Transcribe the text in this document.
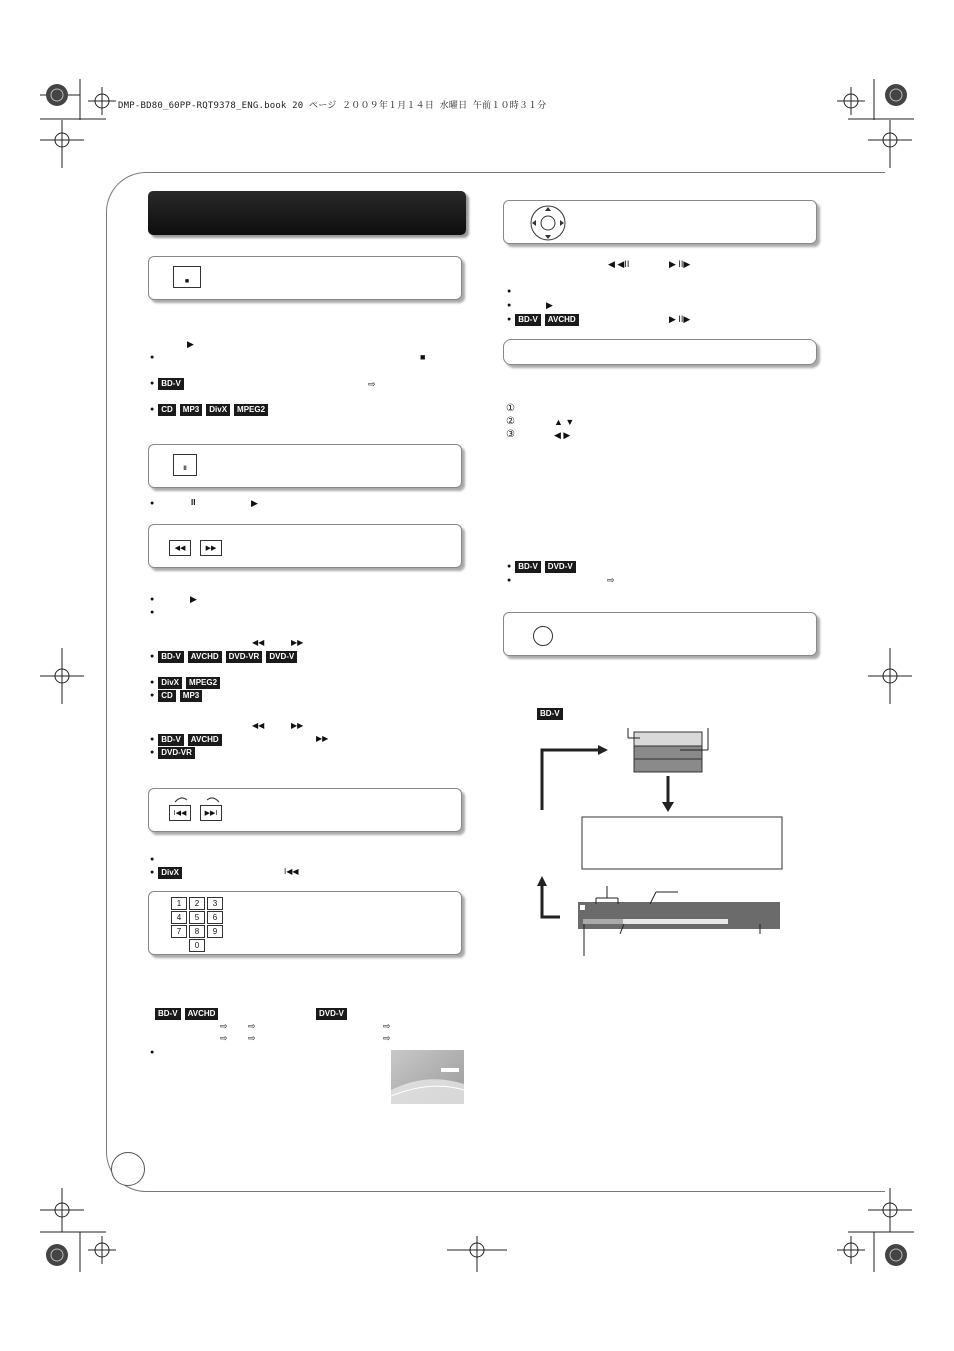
DMP-BD80_60PP-RQT9378_ENG.book 20 ページ ２００９年１月１４日 水曜日 午前１０時３１分
■
▶
●	■
● BD-V	⇨
● CD	MP3	DivX	MPEG2
II
●	II	▶
◀◀	▶▶
●	▶
●
◀◀	▶▶
● BD-V	AVCHD	DVD-VR	DVD-V
● DivX	MPEG2
● CD	MP3
◀◀	▶▶
● BD-V	AVCHD	▶▶
● DVD-VR
I◀◀	▶▶I
●
● DivX	I◀◀
1 2 3
4 5 6
7 8 9
0
BD-V	AVCHD	DVD-V
⇨ ⇨	⇨
⇨ ⇨	⇨
●
◀ ◀II	▶ II▶
●
●	▶
● BD-V	AVCHD	▶ II▶
①
②	▲ ▼
③	◀ ▶
● BD-V	DVD-V
●	⇨
BD-V
